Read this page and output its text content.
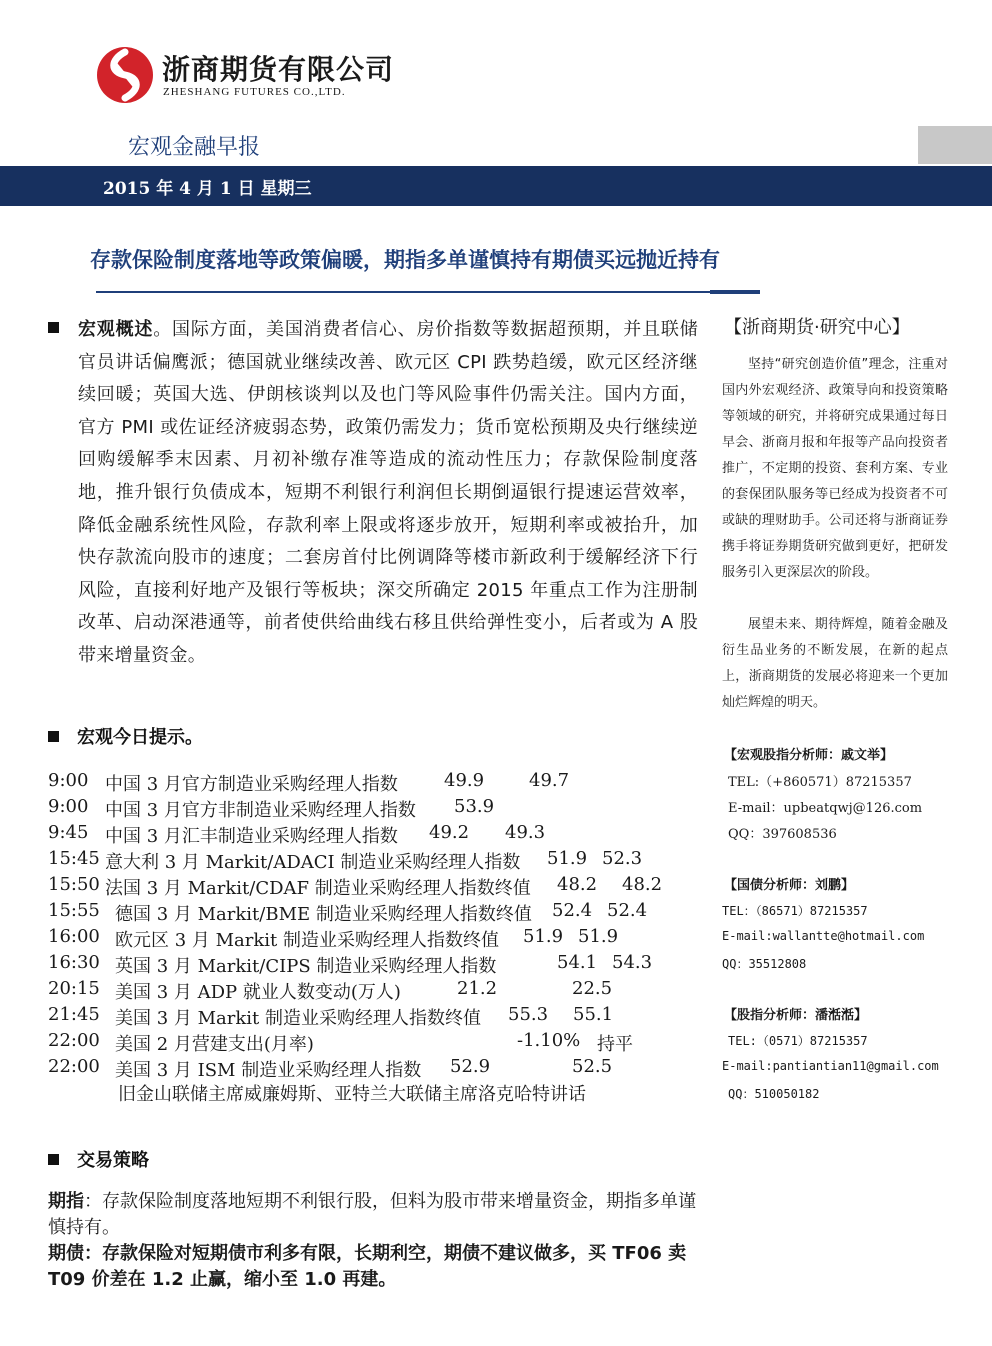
浙商期货有限公司
ZHESHANG FUTURES CO.,LTD.
宏观金融早报
2015 年 4 月 1 日 星期三
存款保险制度落地等政策偏暖，期指多单谨慎持有期债买远抛近持有
宏观概述。国际方面，美国消费者信心、房价指数等数据超预期，并且联储官员讲话偏鹰派；德国就业继续改善、欧元区 CPI 跌势趋缓，欧元区经济继续回暖；英国大选、伊朗核谈判以及也门等风险事件仍需关注。国内方面，官方 PMI 或佐证经济疲弱态势，政策仍需发力；货币宽松预期及央行继续逆回购缓解季末因素、月初补缴存准等造成的流动性压力；存款保险制度落地，推升银行负债成本，短期不利银行利润但长期倒逼银行提速运营效率，降低金融系统性风险，存款利率上限或将逐步放开，短期利率或被抬升，加快存款流向股市的速度；二套房首付比例调降等楼市新政利于缓解经济下行风险，直接利好地产及银行等板块；深交所确定 2015 年重点工作为注册制改革、启动深港通等，前者使供给曲线右移且供给弹性变小，后者或为 A 股带来增量资金。
宏观今日提示。
9:00 中国 3 月官方制造业采购经理人指数	49.9 49.7
9:00 中国 3 月官方非制造业采购经理人指数 53.9
9:45 中国 3 月汇丰制造业采购经理人指数 49.2 49.3
15:45 意大利 3 月 Markit/ADACI 制造业采购经理人指数 51.9 52.3
15:50 法国 3 月 Markit/CDAF 制造业采购经理人指数终值 48.2 48.2
15:55 德国 3 月 Markit/BME 制造业采购经理人指数终值 52.4 52.4
16:00 欧元区 3 月 Markit 制造业采购经理人指数终值 51.9 51.9
16:30 英国 3 月 Markit/CIPS 制造业采购经理人指数	54.1 54.3
20:15 美国 3 月 ADP 就业人数变动(万人)	21.2	22.5
21:45 美国 3 月 Markit 制造业采购经理人指数终值 55.3 55.1
22:00 美国 2 月营建支出(月率)	-1.10% 持平
22:00 美国 3 月 ISM 制造业采购经理人指数 52.9	52.5
旧金山联储主席威廉姆斯、亚特兰大联储主席洛克哈特讲话
交易策略
期指：存款保险制度落地短期不利银行股，但料为股市带来增量资金，期指多单谨慎持有。
期债：存款保险对短期债市利多有限，长期利空，期债不建议做多，买 TF06 卖 T09 价差在 1.2 止赢，缩小至 1.0 再建。
【浙商期货·研究中心】
坚持“研究创造价值”理念，注重对国内外宏观经济、政策导向和投资策略等领域的研究，并将研究成果通过每日早会、浙商月报和年报等产品向投资者推广，不定期的投资、套利方案、专业的套保团队服务等已经成为投资者不可或缺的理财助手。公司还将与浙商证券携手将证券期货研究做到更好，把研发服务引入更深层次的阶段。
展望未来、期待辉煌，随着金融及衍生品业务的不断发展，在新的起点上，浙商期货的发展必将迎来一个更加灿烂辉煌的明天。
【宏观股指分析师：戚文举】
TEL:（+860571）87215357
E-mail：upbeatqwj@126.com
QQ：397608536
【国债分析师：刘鹏】
TEL：（86571）87215357
E-mail:wallantte@hotmail.com
QQ：35512808
【股指分析师：潘湉湉】
TEL:（0571）87215357
E-mail:pantiantian11@gmail.com
QQ：510050182
